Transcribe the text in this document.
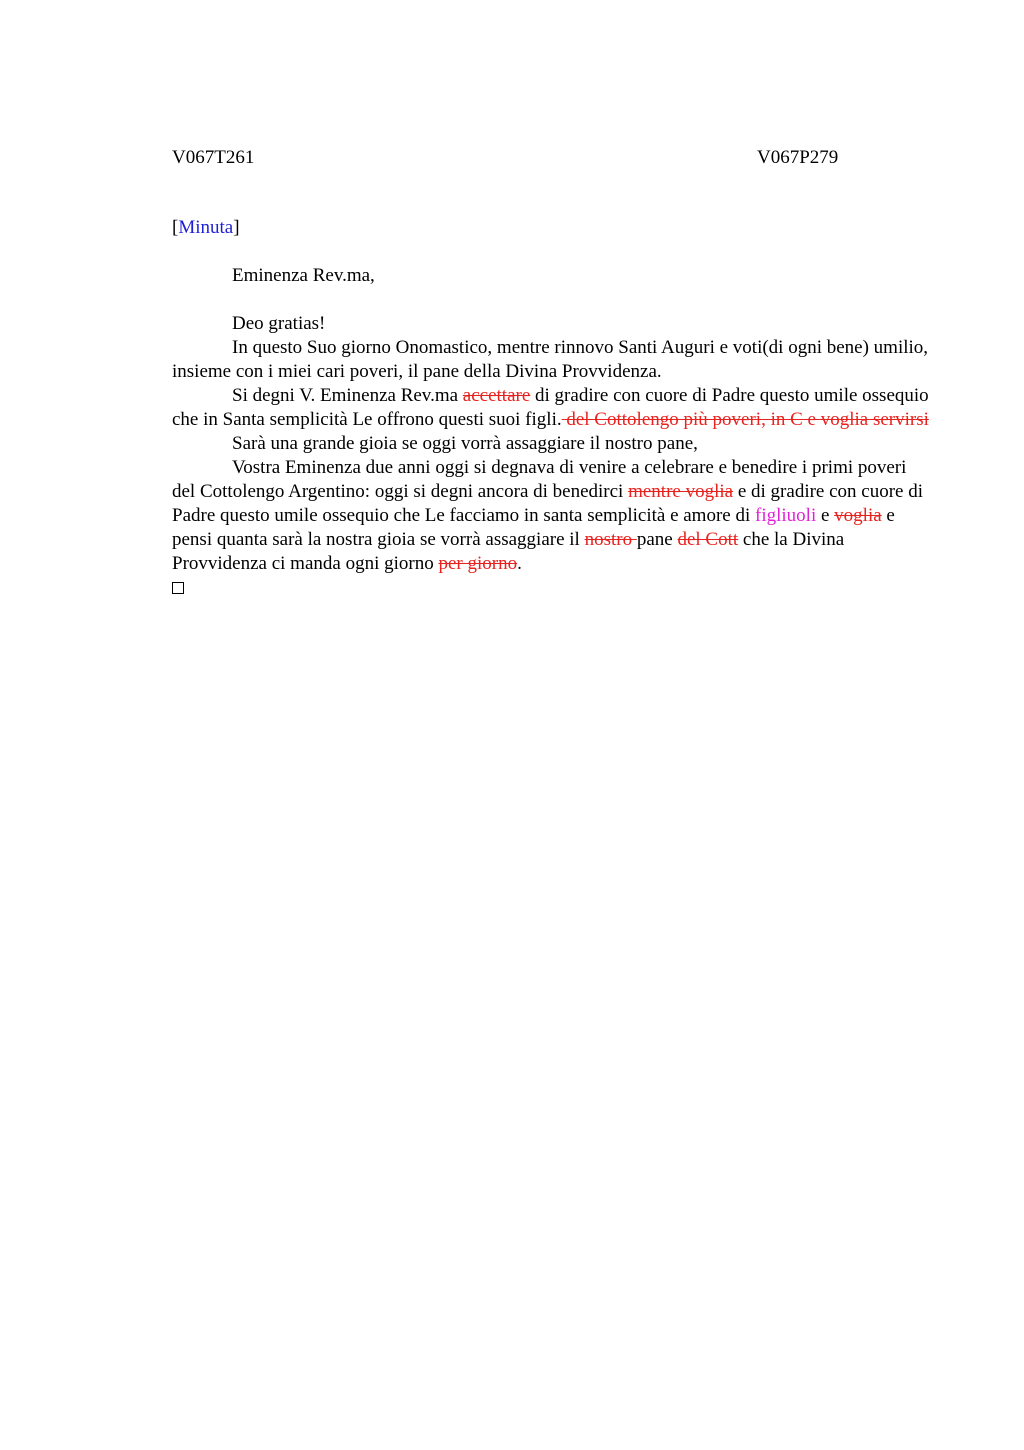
V067T261	V067P279

[Minuta]

Eminenza Rev.ma,

Deo gratias!

In questo Suo giorno Onomastico, mentre rinnovo Santi Auguri e voti(di ogni bene) umilio, insieme con i miei cari poveri, il pane della Divina Provvidenza.

Si degni V. Eminenza Rev.ma accettare di gradire con cuore di Padre questo umile ossequio che in Santa semplicità Le offrono questi suoi figli. del Cottolengo più poveri, in C e voglia servirsi

Sarà una grande gioia se oggi vorrà assaggiare il nostro pane,

Vostra Eminenza due anni oggi si degnava di venire a celebrare e benedire i primi poveri del Cottolengo Argentino: oggi si degni ancora di benedirci mentre voglia e di gradire con cuore di Padre questo umile ossequio che Le facciamo in santa semplicità e amore di figliuoli e voglia e pensi quanta sarà la nostra gioia se vorrà assaggiare il nostro pane del Cott che la Divina Provvidenza ci manda ogni giorno per giorno.
